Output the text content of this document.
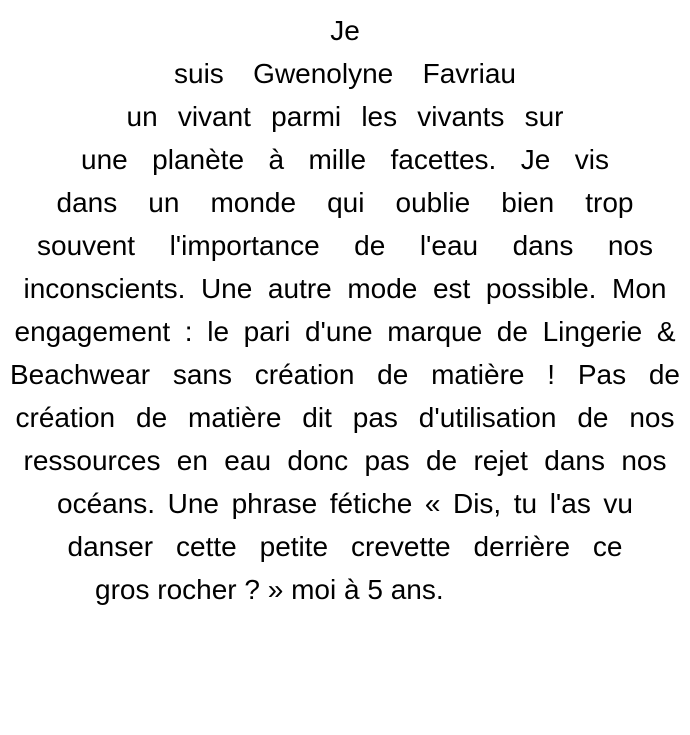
Je
suis Gwenolyne Favriau
un vivant parmi les vivants sur
une planète à mille facettes. Je vis
dans un monde qui oublie bien trop
souvent l'importance de l'eau dans nos
inconscients. Une autre mode est possible. Mon
engagement : le pari d'une marque de Lingerie &
Beachwear sans création de matière ! Pas de
création de matière dit pas d'utilisation de nos
ressources en eau donc pas de rejet dans nos
océans. Une phrase fétiche « Dis, tu l'as vu
danser cette petite crevette derrière ce
gros rocher ? » moi à 5 ans.
